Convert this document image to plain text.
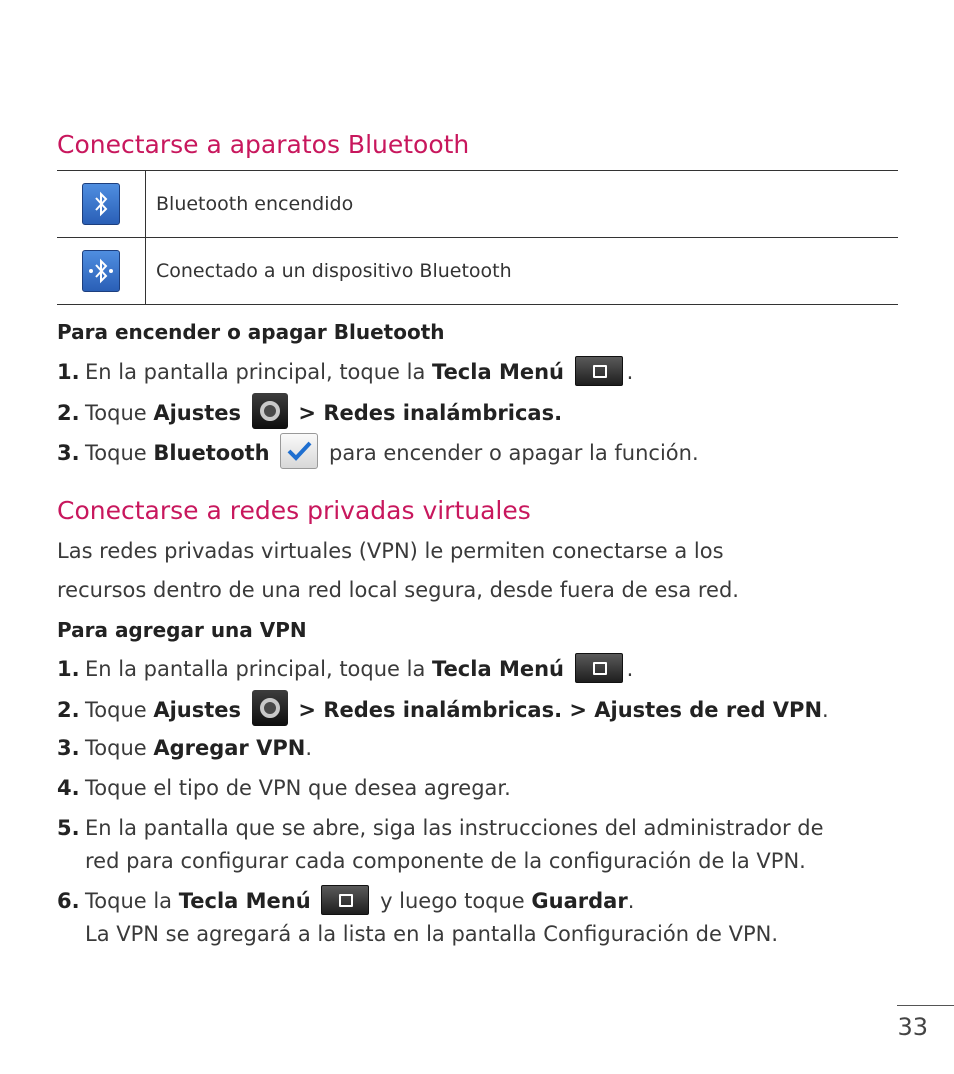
Conectarse a aparatos Bluetooth
Bluetooth encendido
Conectado a un dispositivo Bluetooth
Para encender o apagar Bluetooth
1. En la pantalla principal, toque la Tecla Menú	.
2. Toque Ajustes	> Redes inalámbricas.
3. Toque Bluetooth	para encender o apagar la función.
Conectarse a redes privadas virtuales
Las redes privadas virtuales (VPN) le permiten conectarse a los
recursos dentro de una red local segura, desde fuera de esa red.
Para agregar una VPN
1. En la pantalla principal, toque la Tecla Menú	.
2. Toque Ajustes	> Redes inalámbricas. > Ajustes de red VPN.
3. Toque Agregar VPN.
4. Toque el tipo de VPN que desea agregar.
5. En la pantalla que se abre, siga las instrucciones del administrador de
red para configurar cada componente de la configuración de la VPN.
6. Toque la Tecla Menú	y luego toque Guardar.
La VPN se agregará a la lista en la pantalla Configuración de VPN.
33
